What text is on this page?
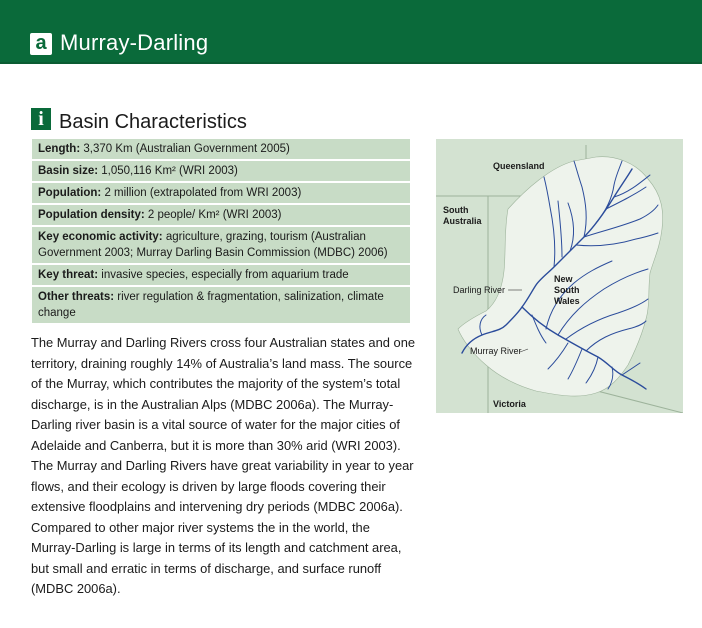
a Murray-Darling
i Basin Characteristics
Length: 3,370 Km (Australian Government 2005)
Basin size: 1,050,116 Km² (WRI 2003)
Population: 2 million (extrapolated from WRI 2003)
Population density: 2 people/ Km² (WRI 2003)
Key economic activity: agriculture, grazing, tourism (Australian Government 2003; Murray Darling Basin Commission (MDBC) 2006)
Key threat: invasive species, especially from aquarium trade
Other threats: river regulation & fragmentation, salinization, climate change
The Murray and Darling Rivers cross four Australian states and one territory, draining roughly 14% of Australia’s land mass. The source of the Murray, which contributes the majority of the system’s total discharge, is in the Australian Alps (MDBC 2006a). The Murray-Darling river basin is a vital source of water for the major cities of Adelaide and Canberra, but it is more than 30% arid (WRI 2003). The Murray and Darling Rivers have great variability in year to year flows, and their ecology is driven by large floods covering their extensive floodplains and intervening dry periods (MDBC 2006a). Compared to other major river systems the in the world, the Murray-Darling is large in terms of its length and catchment area, but small and erratic in terms of discharge, and surface runoff (MDBC 2006a).
Queensland
South
Australia
New
South
Wales
Victoria
Darling River
Murray River
